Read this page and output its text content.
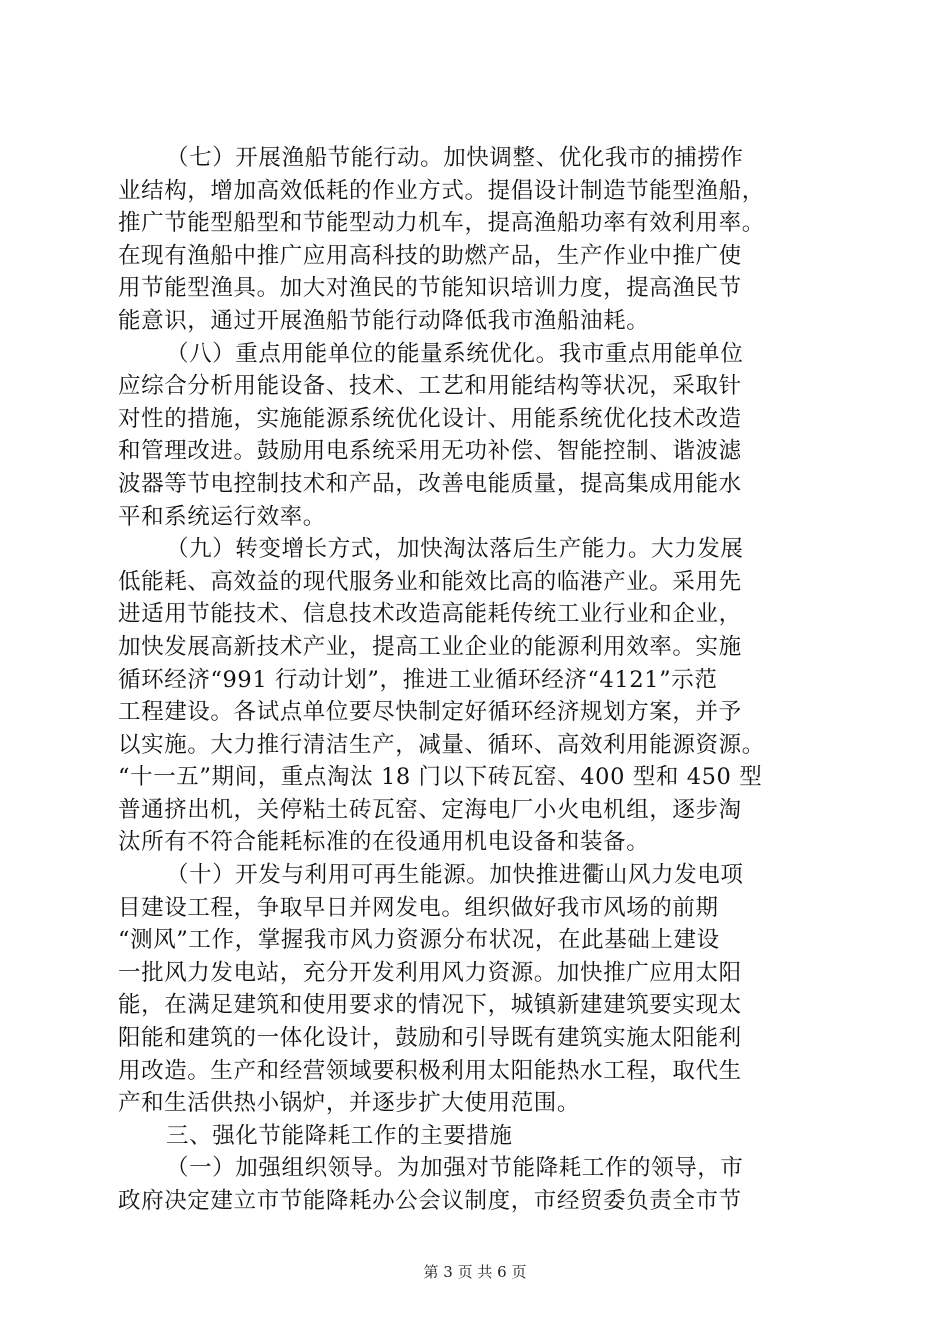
（七）开展渔船节能行动。加快调整、优化我市的捕捞作
业结构，增加高效低耗的作业方式。提倡设计制造节能型渔船，
推广节能型船型和节能型动力机车，提高渔船功率有效利用率。
在现有渔船中推广应用高科技的助燃产品，生产作业中推广使
用节能型渔具。加大对渔民的节能知识培训力度，提高渔民节
能意识，通过开展渔船节能行动降低我市渔船油耗。
（八）重点用能单位的能量系统优化。我市重点用能单位
应综合分析用能设备、技术、工艺和用能结构等状况，采取针
对性的措施，实施能源系统优化设计、用能系统优化技术改造
和管理改进。鼓励用电系统采用无功补偿、智能控制、谐波滤
波器等节电控制技术和产品，改善电能质量，提高集成用能水
平和系统运行效率。
（九）转变增长方式，加快淘汰落后生产能力。大力发展
低能耗、高效益的现代服务业和能效比高的临港产业。采用先
进适用节能技术、信息技术改造高能耗传统工业行业和企业，
加快发展高新技术产业，提高工业企业的能源利用效率。实施
循环经济“991 行动计划”，推进工业循环经济“4121”示范
工程建设。各试点单位要尽快制定好循环经济规划方案，并予
以实施。大力推行清洁生产，减量、循环、高效利用能源资源。
“十一五”期间，重点淘汰 18 门以下砖瓦窑、400 型和 450 型
普通挤出机，关停粘土砖瓦窑、定海电厂小火电机组，逐步淘
汰所有不符合能耗标准的在役通用机电设备和装备。
（十）开发与利用可再生能源。加快推进衢山风力发电项
目建设工程，争取早日并网发电。组织做好我市风场的前期
“测风”工作，掌握我市风力资源分布状况，在此基础上建设
一批风力发电站，充分开发利用风力资源。加快推广应用太阳
能，在满足建筑和使用要求的情况下，城镇新建建筑要实现太
阳能和建筑的一体化设计，鼓励和引导既有建筑实施太阳能利
用改造。生产和经营领域要积极利用太阳能热水工程，取代生
产和生活供热小锅炉，并逐步扩大使用范围。
三、强化节能降耗工作的主要措施
（一）加强组织领导。为加强对节能降耗工作的领导，市
政府决定建立市节能降耗办公会议制度，市经贸委负责全市节
第 3 页 共 6 页
